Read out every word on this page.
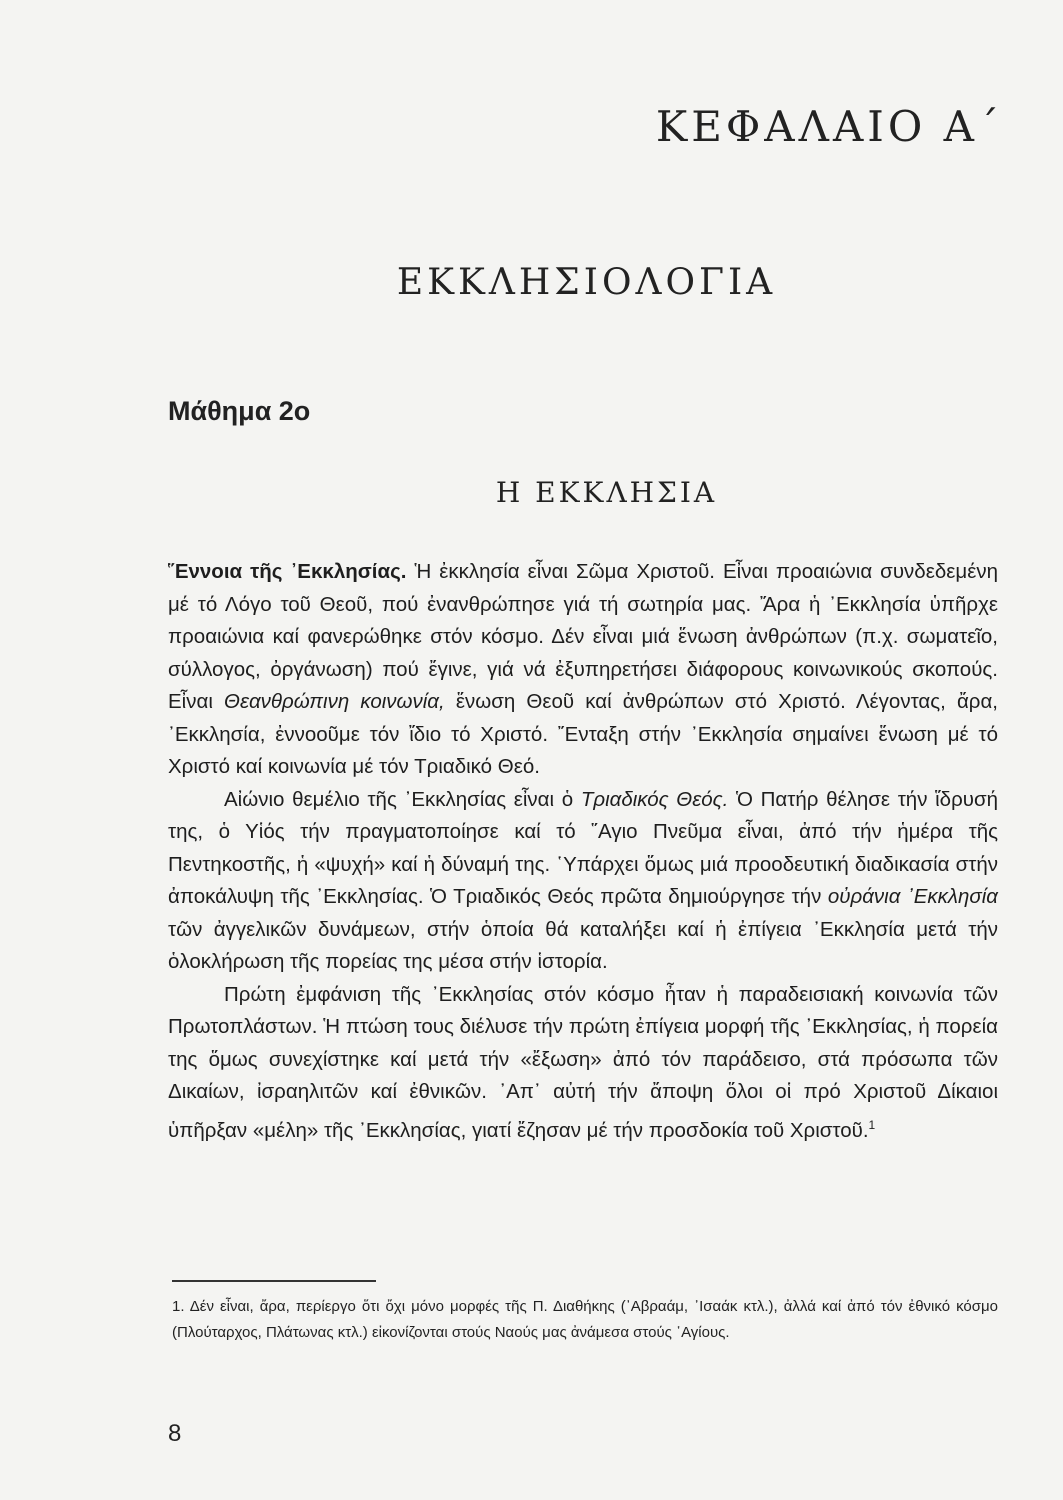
ΚΕΦΑΛΑΙΟ Α΄
ΕΚΚΛΗΣΙΟΛΟΓΙΑ
Μάθημα 2ο
Η ΕΚΚΛΗΣΙΑ

῞Εννοια τῆς ᾿Εκκλησίας. Ἡ ἐκκλησία εἶναι Σῶμα Χριστοῦ. Εἶναι προαιώνια συνδεδεμένη μέ τό Λόγο τοῦ Θεοῦ, πού ἐνανθρώπησε γιά τή σωτηρία μας. Ἄρα ἡ ᾿Εκκλησία ὑπῆρχε προαιώνια καί φανερώθηκε στόν κόσμο. Δέν εἶναι μιά ἕνωση ἀνθρώπων (π.χ. σωματεῖο, σύλλογος, ὀργάνωση) πού ἔγινε, γιά νά ἐξυπηρετήσει διάφορους κοινωνικούς σκοπούς. Εἶναι Θεανθρώπινη κοινωνία, ἕνωση Θεοῦ καί ἀνθρώπων στό Χριστό. Λέγοντας, ἄρα, ᾿Εκκλησία, ἐννοοῦμε τόν ἴδιο τό Χριστό. ῎Ενταξη στήν ᾿Εκκλησία σημαίνει ἕνωση μέ τό Χριστό καί κοινωνία μέ τόν Τριαδικό Θεό.

Αἰώνιο θεμέλιο τῆς ᾿Εκκλησίας εἶναι ὁ Τριαδικός Θεός. Ὁ Πατήρ θέλησε τήν ἵδρυσή της, ὁ Υἱός τήν πραγματοποίησε καί τό ῞Αγιο Πνεῦμα εἶναι, ἀπό τήν ἡμέρα τῆς Πεντηκοστῆς, ἡ «ψυχή» καί ἡ δύναμή της. ῾Υπάρχει ὅμως μιά προοδευτική διαδικασία στήν ἀποκάλυψη τῆς ᾿Εκκλησίας. Ὁ Τριαδικός Θεός πρῶτα δημιούργησε τήν οὐράνια ᾿Εκκλησία τῶν ἀγγελικῶν δυνάμεων, στήν ὁποία θά καταλήξει καί ἡ ἐπίγεια ᾿Εκκλησία μετά τήν ὁλοκλήρωση τῆς πορείας της μέσα στήν ἱστορία.

Πρώτη ἐμφάνιση τῆς ᾿Εκκλησίας στόν κόσμο ἦταν ἡ παραδεισιακή κοινωνία τῶν Πρωτοπλάστων. Ἡ πτώση τους διέλυσε τήν πρώτη ἐπίγεια μορφή τῆς ᾿Εκκλησίας, ἡ πορεία της ὅμως συνεχίστηκε καί μετά τήν «ἔξωση» ἀπό τόν παράδεισο, στά πρόσωπα τῶν Δικαίων, ἰσραηλιτῶν καί ἐθνικῶν. ᾿Απ᾿ αὐτή τήν ἄποψη ὅλοι οἱ πρό Χριστοῦ Δίκαιοι ὑπῆρξαν «μέλη» τῆς ᾿Εκκλησίας, γιατί ἔζησαν μέ τήν προσδοκία τοῦ Χριστοῦ.$^1$

1. Δέν εἶναι, ἄρα, περίεργο ὅτι ὄχι μόνο μορφές τῆς Π. Διαθήκης (᾿Αβραάμ, ᾿Ισαάκ κτλ.), ἀλλά καί ἀπό τόν ἐθνικό κόσμο (Πλούταρχος, Πλάτωνας κτλ.) εἰκονίζονται στούς Ναούς μας ἀνάμεσα στούς ῾Αγίους.
8
